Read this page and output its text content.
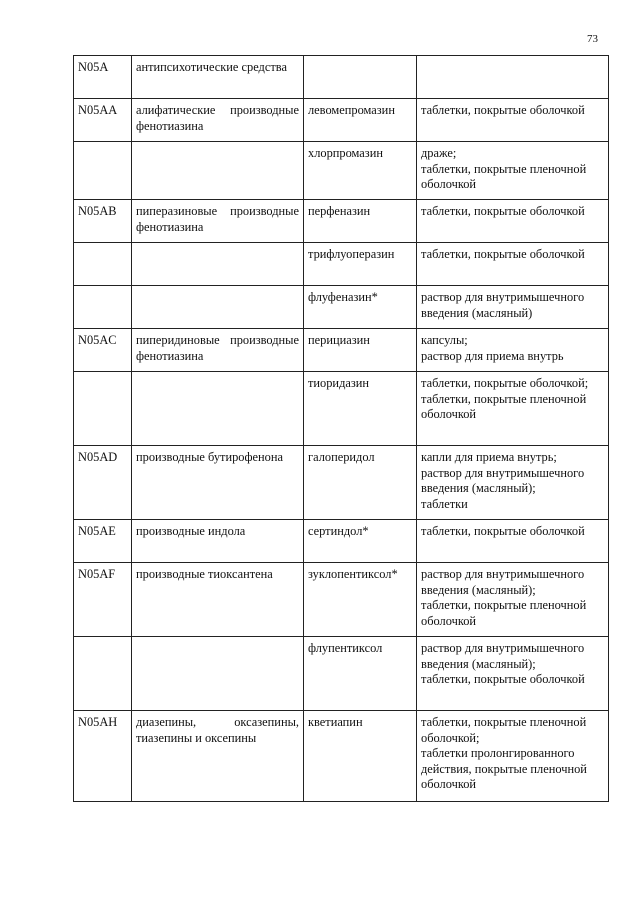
73
N05A	антипсихотические средства		
N05AA	алифатические производные фенотиазина	левомепромазин	таблетки, покрытые оболочкой

		хлорпромазин	драже;
таблетки, покрытые пленочной оболочкой

N05AB	пиперазиновые производные фенотиазина	перфеназин	таблетки, покрытые оболочкой

		трифлуоперазин	таблетки, покрытые оболочкой

		флуфеназин*	раствор для внутримышечного введения (масляный)

N05AC	пиперидиновые производные фенотиазина	перициазин	капсулы;
раствор для приема внутрь

		тиоридазин	таблетки, покрытые оболочкой;
таблетки, покрытые пленочной оболочкой

N05AD	производные бутирофенона	галоперидол	капли для приема внутрь;
раствор для внутримышечного введения (масляный);
таблетки

N05AE	производные индола	сертиндол*	таблетки, покрытые оболочкой

N05AF	производные тиоксантена	зуклопентиксол*	раствор для внутримышечного введения (масляный);
таблетки, покрытые пленочной оболочкой

		флупентиксол	раствор для внутримышечного введения (масляный);
таблетки, покрытые оболочкой

N05AH	диазепины, оксазепины, тиазепины и оксепины	кветиапин	таблетки, покрытые пленочной оболочкой;
таблетки пролонгированного действия, покрытые пленочной оболочкой
